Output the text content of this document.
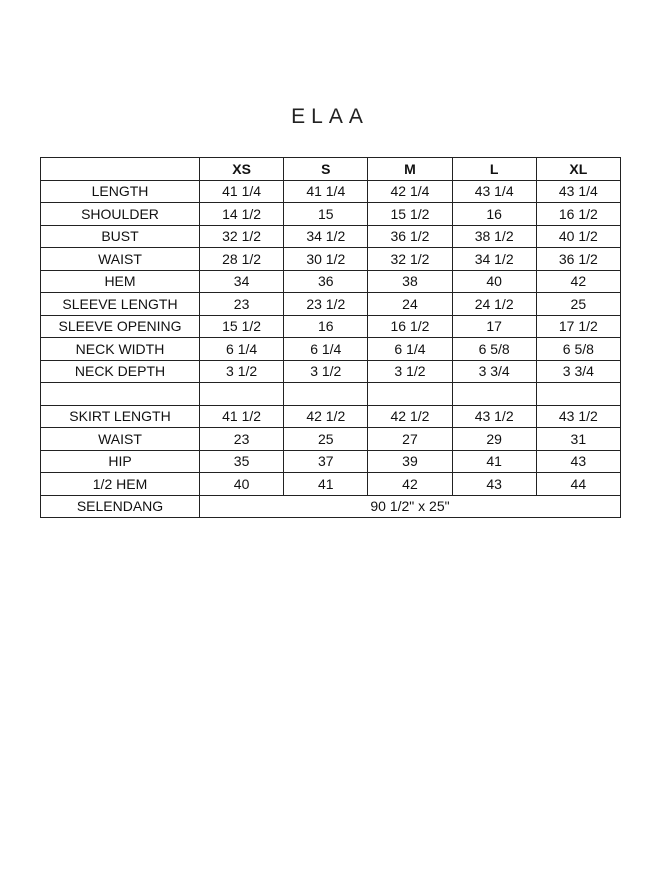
ELAA
	XS	S	M	L	XL
LENGTH	41 1/4	41 1/4	42 1/4	43 1/4	43 1/4
SHOULDER	14 1/2	15	15 1/2	16	16 1/2
BUST	32 1/2	34 1/2	36 1/2	38 1/2	40 1/2
WAIST	28 1/2	30 1/2	32 1/2	34 1/2	36 1/2
HEM	34	36	38	40	42
SLEEVE LENGTH	23	23 1/2	24	24 1/2	25
SLEEVE OPENING	15 1/2	16	16 1/2	17	17 1/2
NECK WIDTH	6 1/4	6 1/4	6 1/4	6 5/8	6 5/8
NECK DEPTH	3 1/2	3 1/2	3 1/2	3 3/4	3 3/4

SKIRT LENGTH	41 1/2	42 1/2	42 1/2	43 1/2	43 1/2
WAIST	23	25	27	29	31
HIP	35	37	39	41	43
1/2 HEM	40	41	42	43	44
SELENDANG	90 1/2" x 25"				
